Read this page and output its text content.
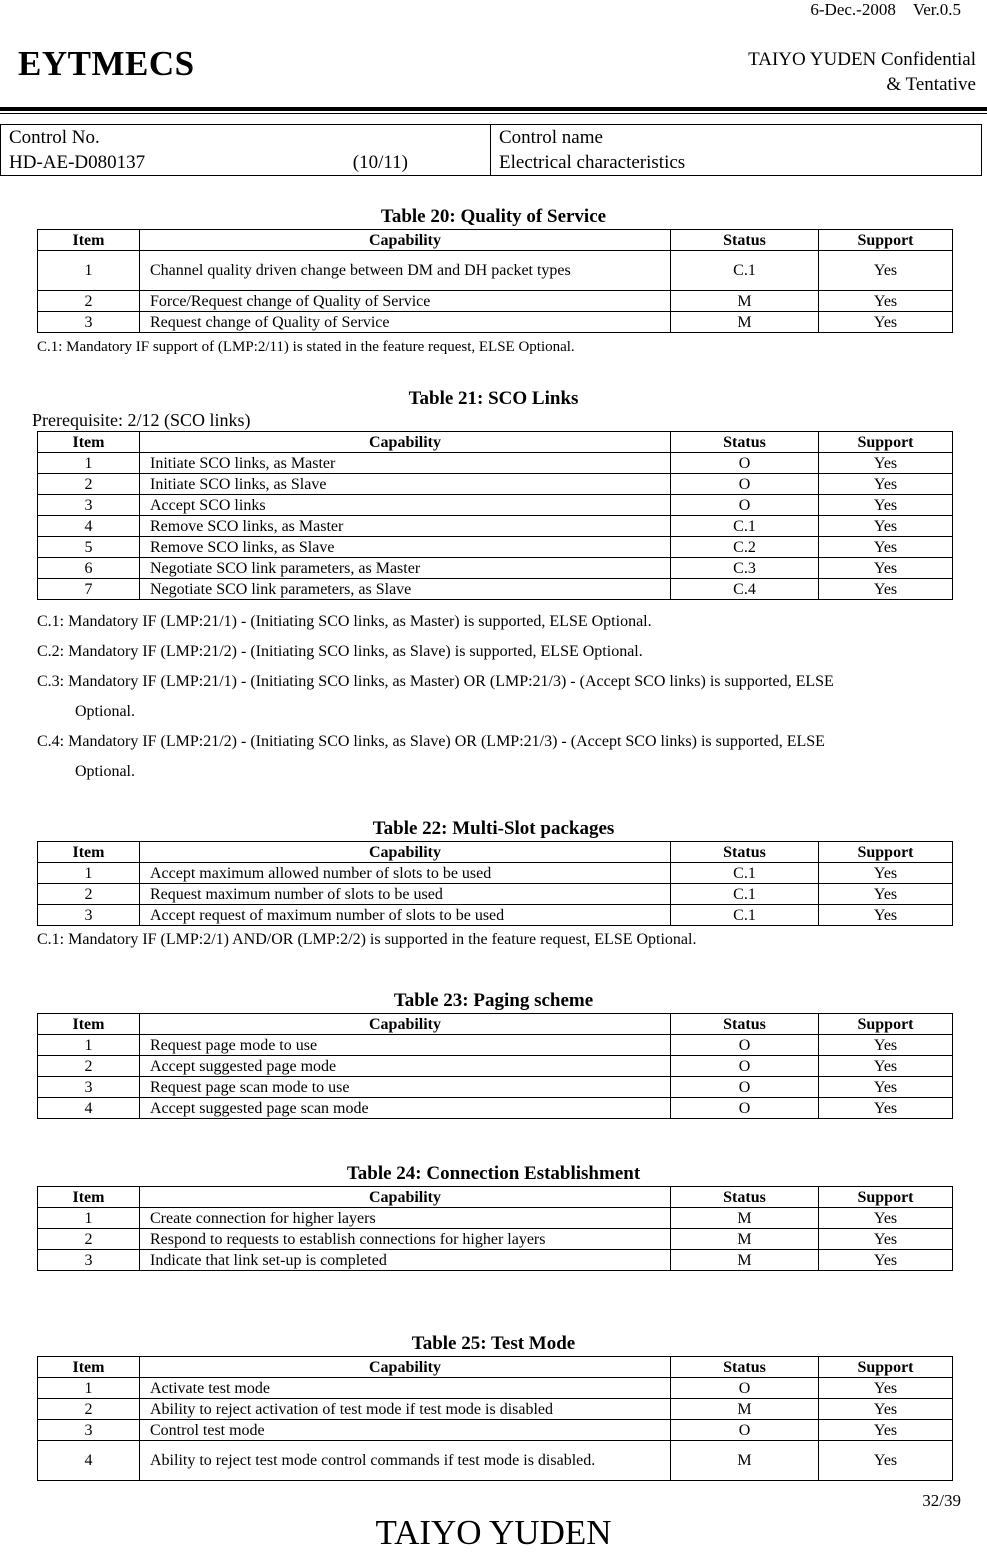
6-Dec.-2008 Ver.0.5
EYTMECS	TAIYO YUDEN Confidential
& Tentative
Control No.
HD-AE-D080137	(10/11)

Control name
Electrical characteristics
Table 20: Quality of Service
Item	Capability	Status	Support
1	Channel quality driven change between DM and DH packet types	C.1	Yes
2	Force/Request change of Quality of Service	M	Yes
3	Request change of Quality of Service	M	Yes
C.1: Mandatory IF support of (LMP:2/11) is stated in the feature request, ELSE Optional.
Table 21: SCO Links
Prerequisite: 2/12 (SCO links)
Item	Capability	Status	Support
1	Initiate SCO links, as Master	O	Yes
2	Initiate SCO links, as Slave	O	Yes
3	Accept SCO links	O	Yes
4	Remove SCO links, as Master	C.1	Yes
5	Remove SCO links, as Slave	C.2	Yes
6	Negotiate SCO link parameters, as Master	C.3	Yes
7	Negotiate SCO link parameters, as Slave	C.4	Yes
C.1: Mandatory IF (LMP:21/1) - (Initiating SCO links, as Master) is supported, ELSE Optional.
C.2: Mandatory IF (LMP:21/2) - (Initiating SCO links, as Slave) is supported, ELSE Optional.
C.3: Mandatory IF (LMP:21/1) - (Initiating SCO links, as Master) OR (LMP:21/3) - (Accept SCO links) is supported, ELSE
Optional.
C.4: Mandatory IF (LMP:21/2) - (Initiating SCO links, as Slave) OR (LMP:21/3) - (Accept SCO links) is supported, ELSE
Optional.
Table 22: Multi-Slot packages
Item	Capability	Status	Support
1	Accept maximum allowed number of slots to be used	C.1	Yes
2	Request maximum number of slots to be used	C.1	Yes
3	Accept request of maximum number of slots to be used	C.1	Yes
C.1: Mandatory IF (LMP:2/1) AND/OR (LMP:2/2) is supported in the feature request, ELSE Optional.
Table 23: Paging scheme
Item	Capability	Status	Support
1	Request page mode to use	O	Yes
2	Accept suggested page mode	O	Yes
3	Request page scan mode to use	O	Yes
4	Accept suggested page scan mode	O	Yes
Table 24: Connection Establishment
Item	Capability	Status	Support
1	Create connection for higher layers	M	Yes
2	Respond to requests to establish connections for higher layers	M	Yes
3	Indicate that link set-up is completed	M	Yes
Table 25: Test Mode
Item	Capability	Status	Support
1	Activate test mode	O	Yes
2	Ability to reject activation of test mode if test mode is disabled	M	Yes
3	Control test mode	O	Yes
4	Ability to reject test mode control commands if test mode is disabled.	M	Yes
32/39
TAIYO YUDEN
